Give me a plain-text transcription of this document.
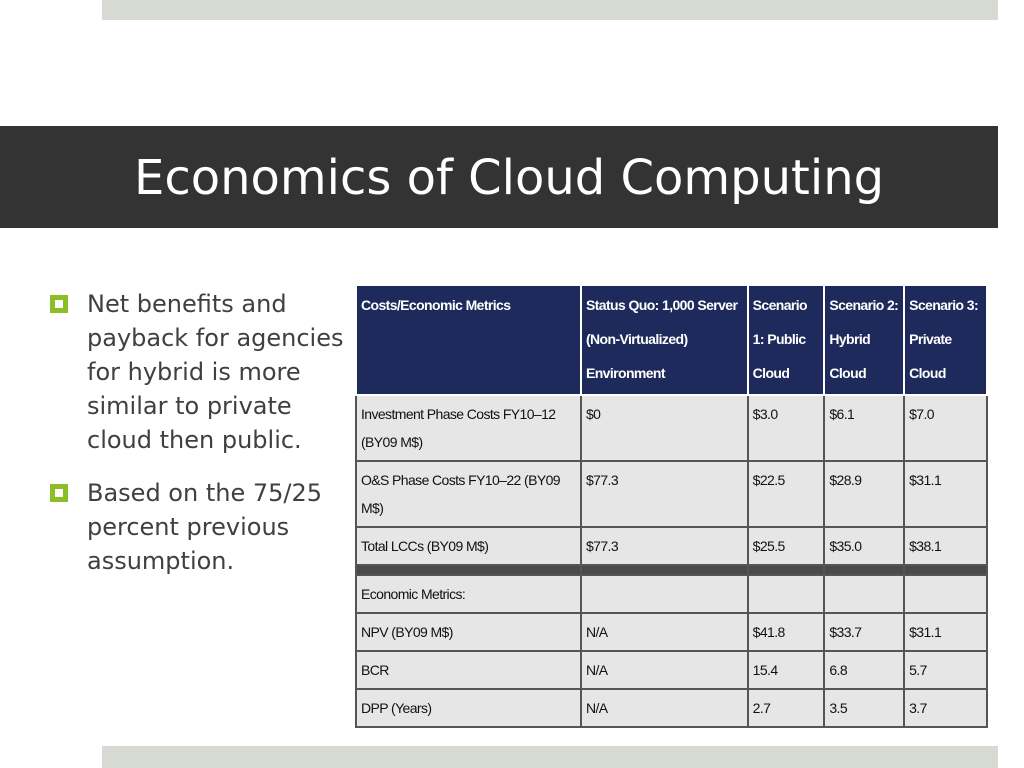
Economics of Cloud Computing
Net benefits and payback for agencies for hybrid is more similar to private cloud then public.
Based on the 75/25 percent previous assumption.
Costs/Economic Metrics	Status Quo: 1,000 Server (Non-Virtualized) Environment	Scenario 1: Public Cloud	Scenario 2: Hybrid Cloud	Scenario 3: Private Cloud
Investment Phase Costs FY10–12 (BY09 M$)	$0	$3.0	$6.1	$7.0
O&S Phase Costs FY10–22 (BY09 M$)	$77.3	$22.5	$28.9	$31.1
Total LCCs (BY09 M$)	$77.3	$25.5	$35.0	$38.1

Economic Metrics:				
NPV (BY09 M$)	N/A	$41.8	$33.7	$31.1
BCR	N/A	15.4	6.8	5.7
DPP (Years)	N/A	2.7	3.5	3.7
